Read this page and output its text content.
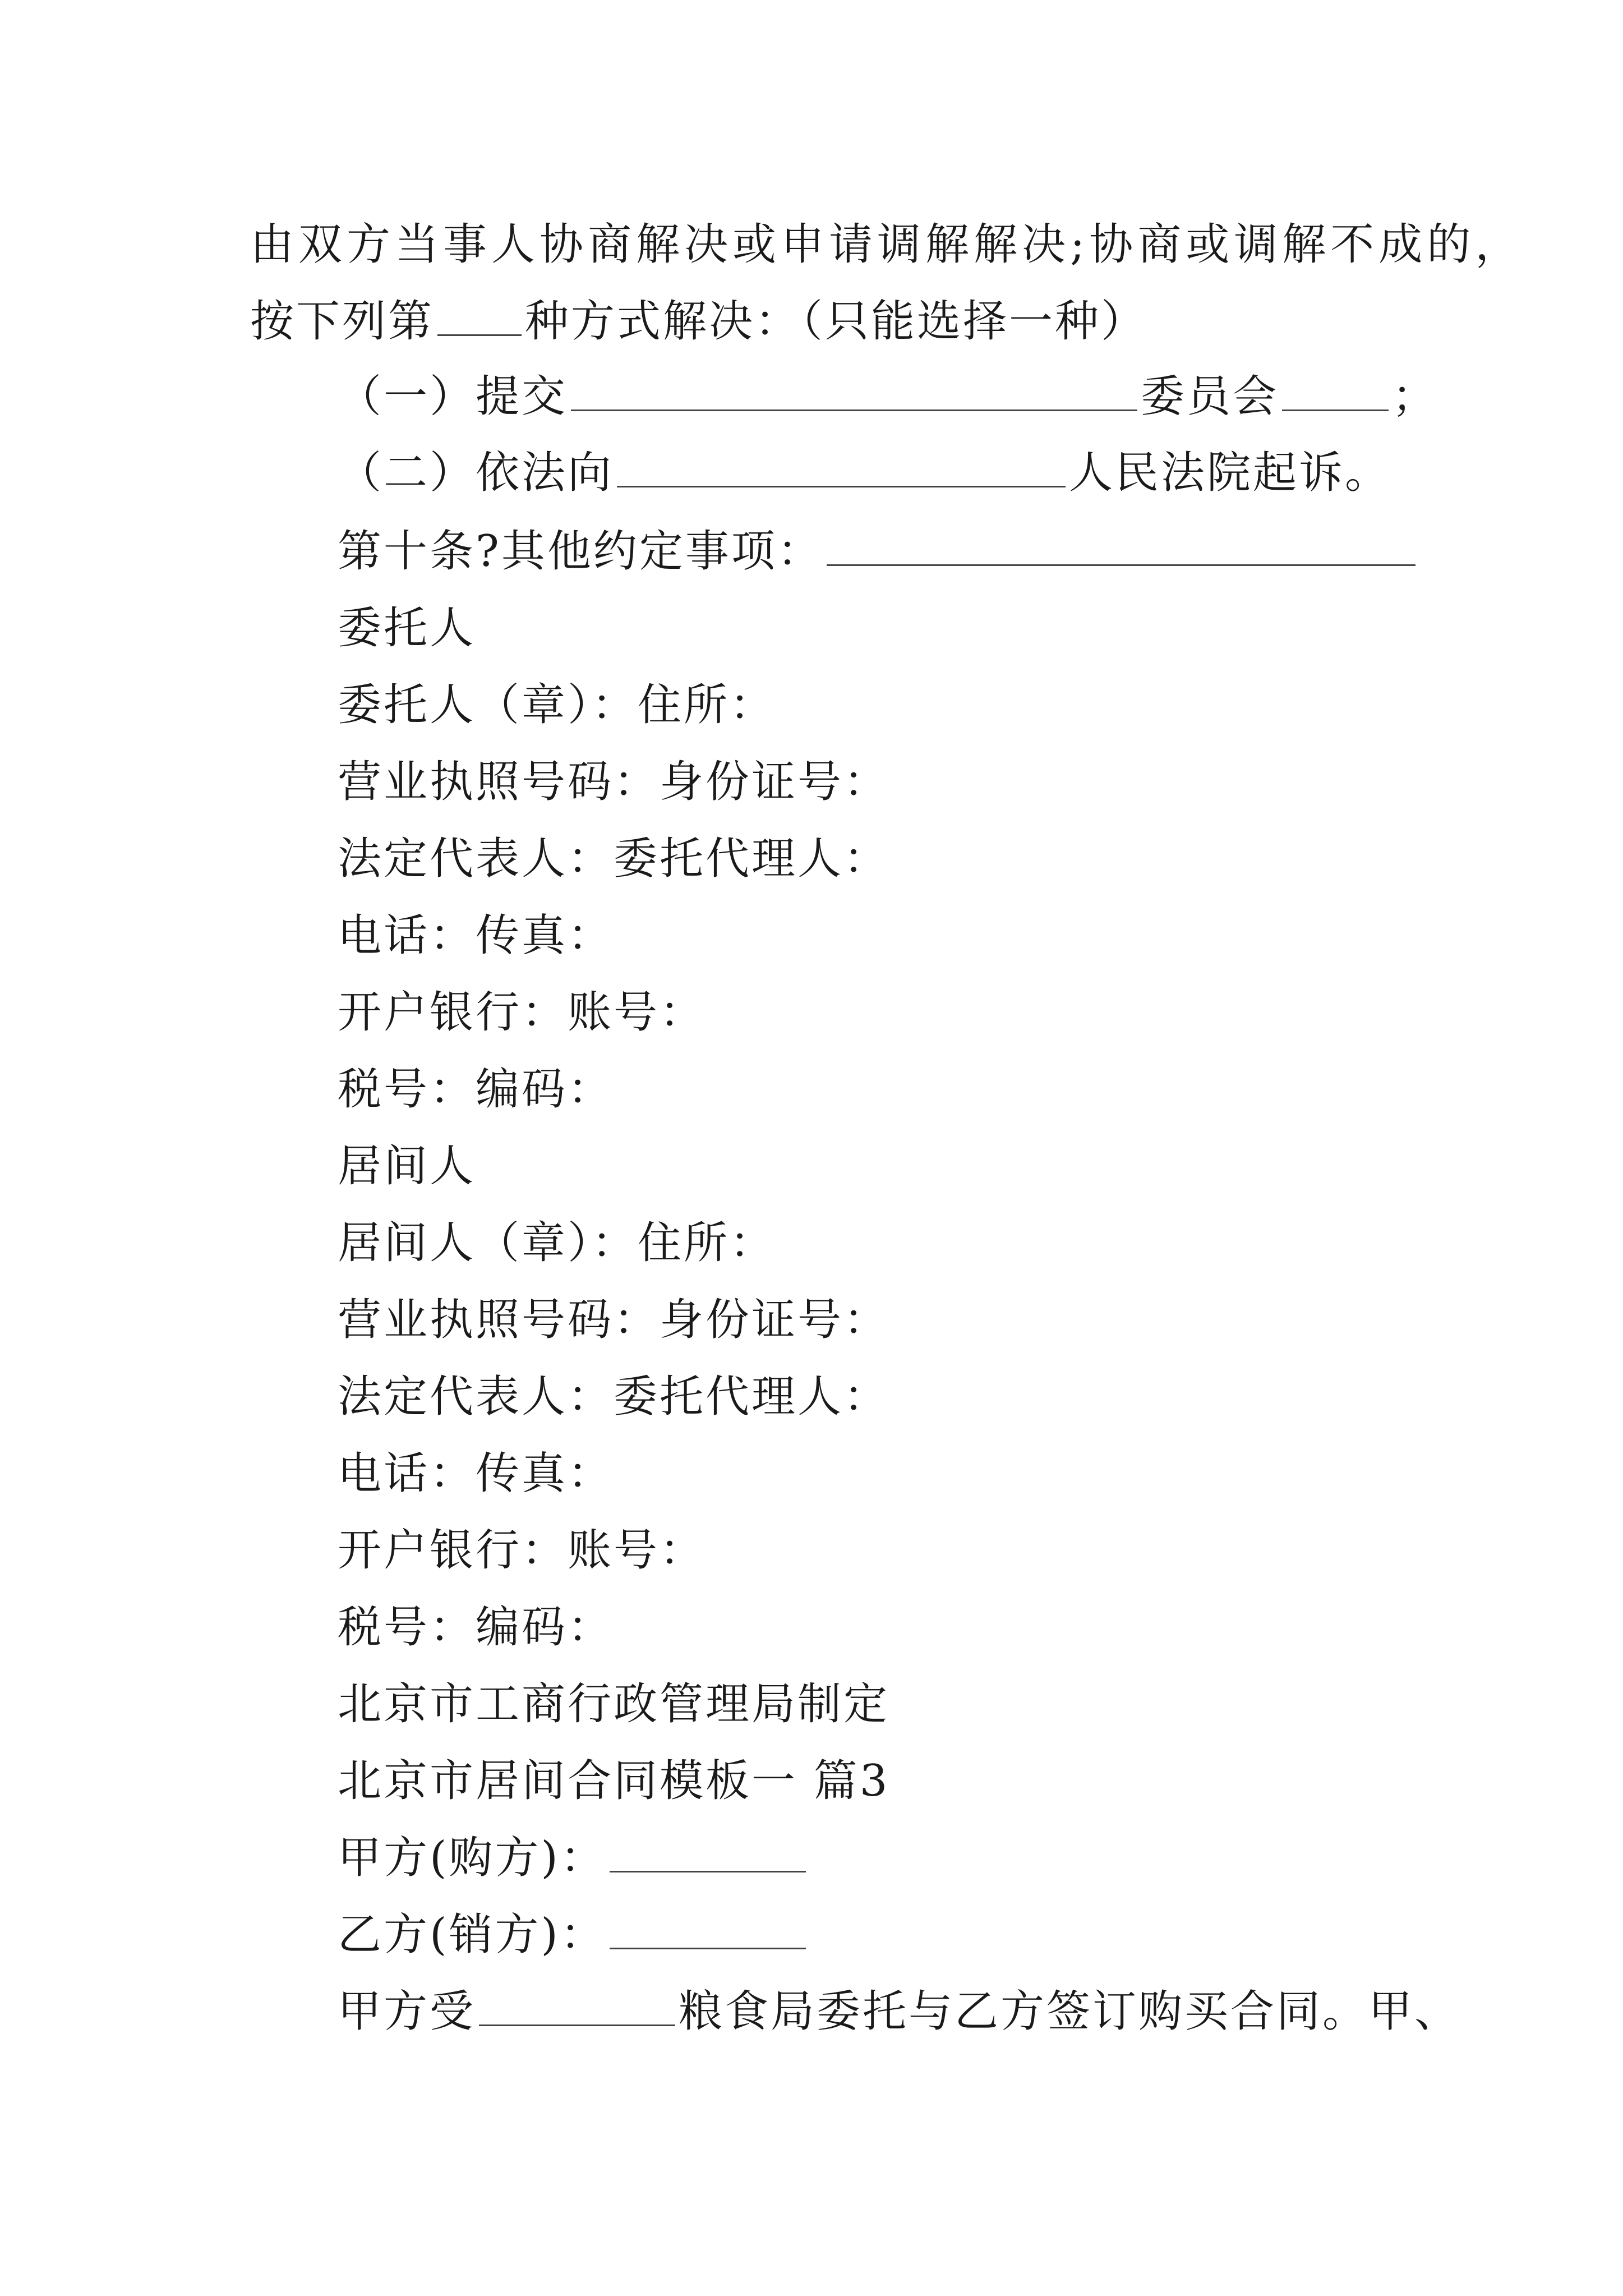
由双方当事人协商解决或申请调解解决;协商或调解不成的，
按下列第 种方式解决：（只能选择一种）
（一）提交	委员会	；
（二）依法向	人民法院起诉。
第十条?其他约定事项：
委托人
委托人（章）：住所：
营业执照号码：身份证号：
法定代表人：委托代理人：
电话：传真：
开户银行：账号：
税号：编码：
居间人
居间人（章）：住所：
营业执照号码：身份证号：
法定代表人：委托代理人：
电话：传真：
开户银行：账号：
税号：编码：
北京市工商行政管理局制定
北京市居间合同模板一 篇3
甲方(购方)：
乙方(销方)：
甲方受	粮食局委托与乙方签订购买合同。甲、
